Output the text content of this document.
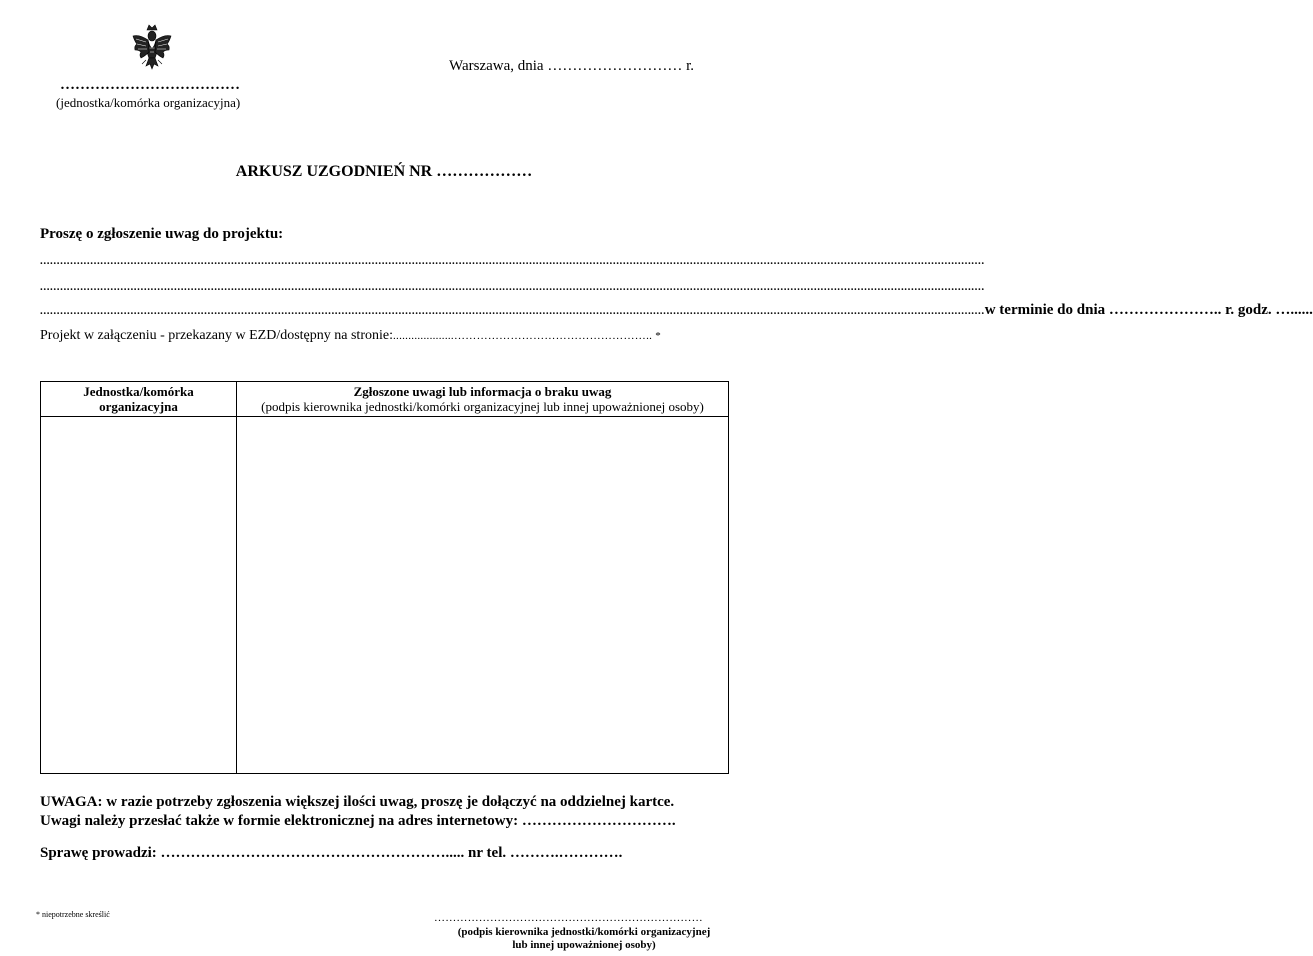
Warszawa, dnia ……………………… r.
………………………………
(jednostka/komórka organizacyjna)
ARKUSZ UZGODNIEŃ NR ………………
Proszę o zgłoszenie uwag do projektu:
..........................................................................................................................................................................................................................................................................................
..........................................................................................................................................................................................................................................................................................
.......................................................................................................................................................................................................................................................................................... w terminie do dnia ………………….. r. godz. …......
Projekt w załączeniu - przekazany w EZD/dostępny na stronie: ....................…………………………………………….. *
Jednostka/komórka organizacyjna	Zgłoszone uwagi lub informacja o braku uwag
(podpis kierownika jednostki/komórki organizacyjnej lub innej upoważnionej osoby)

UWAGA: w razie potrzeby zgłoszenia większej ilości uwag, proszę je dołączyć na oddzielnej kartce.
Uwagi należy przesłać także w formie elektronicznej na adres internetowy: ………………………….
Sprawę prowadzi: …………………………………………………..... nr tel. ……….………….
* niepotrzebne skreślić	………………………………………………………………
(podpis kierownika jednostki/komórki organizacyjnej
lub innej upoważnionej osoby)
